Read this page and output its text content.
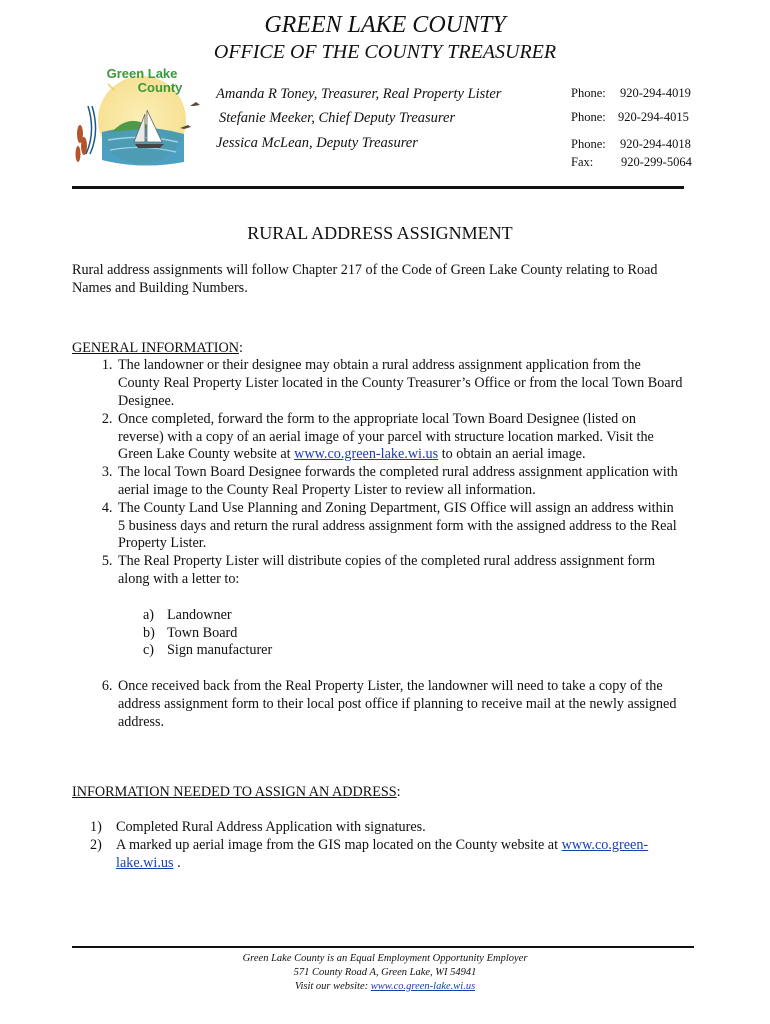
GREEN LAKE COUNTY
OFFICE OF THE COUNTY TREASURER
Green Lake
County Amanda R Toney, Treasurer, Real Property Lister
Stefanie Meeker, Chief Deputy Treasurer
Jessica McLean, Deputy Treasurer
Phone: 920-294-4019
Phone: 920-294-4015
Phone: 920-294-4018
Fax: 920-299-5064
RURAL ADDRESS ASSIGNMENT

Rural address assignments will follow Chapter 217 of the Code of Green Lake County relating to Road Names and Building Numbers.

GENERAL INFORMATION:
1. The landowner or their designee may obtain a rural address assignment application from the County Real Property Lister located in the County Treasurer’s Office or from the local Town Board Designee.
2. Once completed, forward the form to the appropriate local Town Board Designee (listed on reverse) with a copy of an aerial image of your parcel with structure location marked. Visit the Green Lake County website at www.co.green-lake.wi.us to obtain an aerial image.
3. The local Town Board Designee forwards the completed rural address assignment application with aerial image to the County Real Property Lister to review all information.
4. The County Land Use Planning and Zoning Department, GIS Office will assign an address within 5 business days and return the rural address assignment form with the assigned address to the Real Property Lister.
5. The Real Property Lister will distribute copies of the completed rural address assignment form along with a letter to:
a) Landowner
b) Town Board
c) Sign manufacturer
6. Once received back from the Real Property Lister, the landowner will need to take a copy of the address assignment form to their local post office if planning to receive mail at the newly assigned address.
INFORMATION NEEDED TO ASSIGN AN ADDRESS:
1) Completed Rural Address Application with signatures.
2) A marked up aerial image from the GIS map located on the County website at www.co.green-lake.wi.us .
Green Lake County is an Equal Employment Opportunity Employer
571 County Road A, Green Lake, WI 54941
Visit our website: www.co.green-lake.wi.us
